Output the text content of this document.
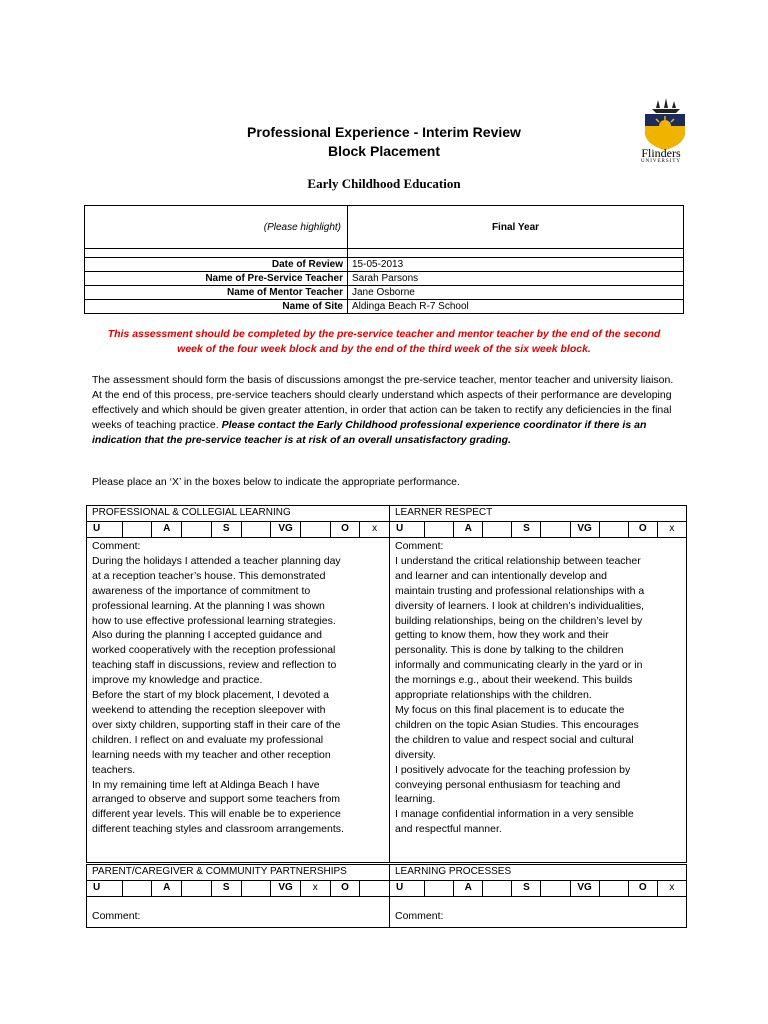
Professional Experience - Interim Review
Block Placement
Early Childhood Education
Flinders
UNIVERSITY
(Please highlight)	Final Year

Date of Review	15-05-2013
Name of Pre-Service Teacher	Sarah Parsons
Name of Mentor Teacher	Jane Osborne
Name of Site	Aldinga Beach R-7 School
This assessment should be completed by the pre-service teacher and mentor teacher by the end of the second week of the four week block and by the end of the third week of the six week block.
The assessment should form the basis of discussions amongst the pre-service teacher, mentor teacher and university liaison. At the end of this process, pre-service teachers should clearly understand which aspects of their performance are developing effectively and which should be given greater attention, in order that action can be taken to rectify any deficiencies in the final weeks of teaching practice. Please contact the Early Childhood professional experience coordinator if there is an indication that the pre-service teacher is at risk of an overall unsatisfactory grading.
Please place an ‘X’ in the boxes below to indicate the appropriate performance.
PROFESSIONAL & COLLEGIAL LEARNING
U	A	S	VG	O	x
Comment:
During the holidays I attended a teacher planning day
at a reception teacher’s house. This demonstrated
awareness of the importance of commitment to
professional learning. At the planning I was shown
how to use effective professional learning strategies.
Also during the planning I accepted guidance and
worked cooperatively with the reception professional
teaching staff in discussions, review and reflection to
improve my knowledge and practice.
Before the start of my block placement, I devoted a
weekend to attending the reception sleepover with
over sixty children, supporting staff in their care of the
children. I reflect on and evaluate my professional
learning needs with my teacher and other reception
teachers.
In my remaining time left at Aldinga Beach I have
arranged to observe and support some teachers from
different year levels. This will enable be to experience
different teaching styles and classroom arrangements.
LEARNER RESPECT
U	A	S	VG	O	x
Comment:
I understand the critical relationship between teacher
and learner and can intentionally develop and
maintain trusting and professional relationships with a
diversity of learners. I look at children’s individualities,
building relationships, being on the children’s level by
getting to know them, how they work and their
personality. This is done by talking to the children
informally and communicating clearly in the yard or in
the mornings e.g., about their weekend. This builds
appropriate relationships with the children.
My focus on this final placement is to educate the
children on the topic Asian Studies. This encourages
the children to value and respect social and cultural
diversity.
I positively advocate for the teaching profession by
conveying personal enthusiasm for teaching and
learning.
I manage confidential information in a very sensible
and respectful manner.
PARENT/CAREGIVER & COMMUNITY PARTNERSHIPS
U	A	S	VG	x	O
Comment:
LEARNING PROCESSES
U	A	S	VG	O	x
Comment:
